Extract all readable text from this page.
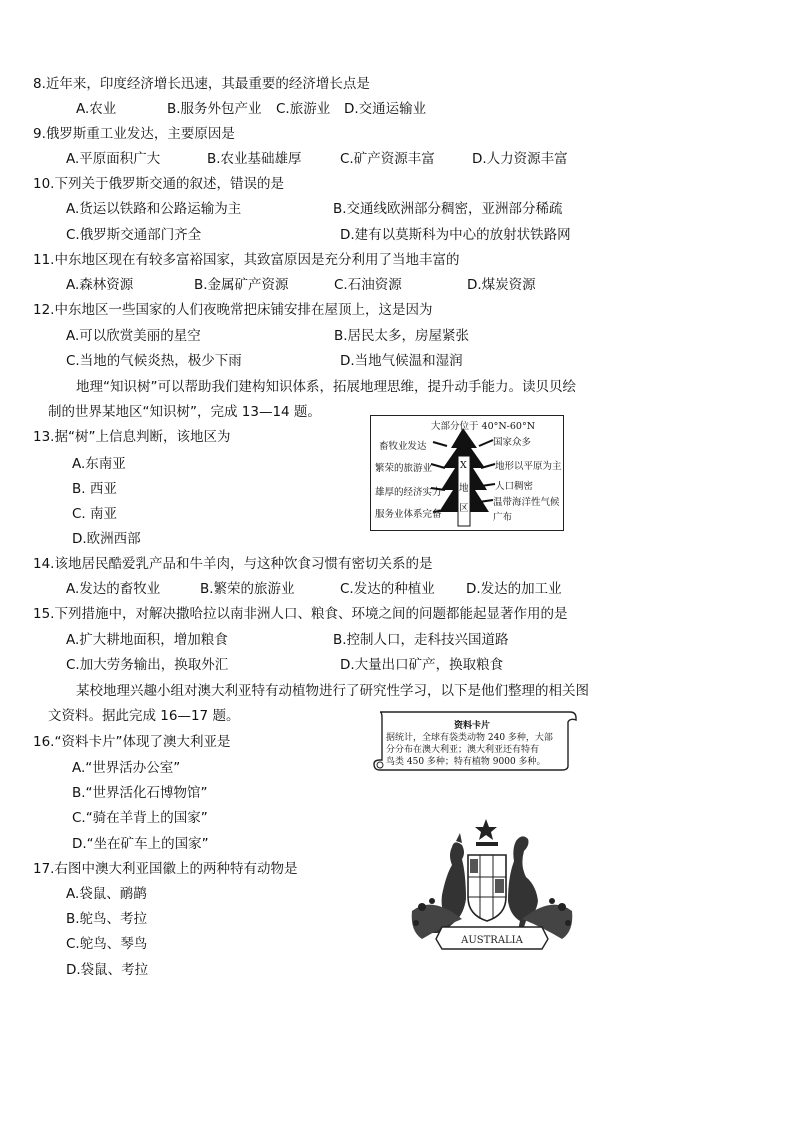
8.近年来，印度经济增长迅速，其最重要的经济增长点是
A.农业	B.服务外包产业 C.旅游业 D.交通运输业
9.俄罗斯重工业发达，主要原因是
A.平原面积广大	B.农业基础雄厚	C.矿产资源丰富	D.人力资源丰富
10.下列关于俄罗斯交通的叙述，错误的是
A.货运以铁路和公路运输为主	B.交通线欧洲部分稠密，亚洲部分稀疏
C.俄罗斯交通部门齐全	D.建有以莫斯科为中心的放射状铁路网
11.中东地区现在有较多富裕国家，其致富原因是充分利用了当地丰富的
A.森林资源	B.金属矿产资源	C.石油资源	D.煤炭资源
12.中东地区一些国家的人们夜晚常把床铺安排在屋顶上，这是因为
A.可以欣赏美丽的星空	B.居民太多，房屋紧张
C.当地的气候炎热，极少下雨	D.当地气候温和湿润
地理“知识树”可以帮助我们建构知识体系，拓展地理思维，提升动手能力。读贝贝绘
制的世界某地区“知识树”，完成 13—14 题。
13.据“树”上信息判断，该地区为
A.东南亚
B. 西亚
C. 南亚
D.欧洲西部
大部分位于 40°N-60°N
畜牧业发达
繁荣的旅游业
雄厚的经济实力
服务业体系完备
国家众多
地形以平原为主
人口稠密
温带海洋性气候
广布
X
地
区
14.该地居民酷爱乳产品和牛羊肉，与这种饮食习惯有密切关系的是
A.发达的畜牧业	B.繁荣的旅游业	C.发达的种植业 D.发达的加工业
15.下列措施中，对解决撒哈拉以南非洲人口、粮食、环境之间的问题都能起显著作用的是
A.扩大耕地面积，增加粮食	B.控制人口，走科技兴国道路
C.加大劳务输出，换取外汇	D.大量出口矿产，换取粮食
某校地理兴趣小组对澳大利亚特有动植物进行了研究性学习，以下是他们整理的相关图
文资料。据此完成 16—17 题。
资料卡片
据统计，全球有袋类动物 240 多种，大部
分分布在澳大利亚；澳大利亚还有特有
鸟类 450 多种；特有植物 9000 多种。
16.“资料卡片”体现了澳大利亚是
A.“世界活办公室”
B.“世界活化石博物馆”
C.“骑在羊背上的国家”
D.“坐在矿车上的国家”
17.右图中澳大利亚国徽上的两种特有动物是
A.袋鼠、鸸鹋
B.鸵鸟、考拉
C.鸵鸟、琴鸟
D.袋鼠、考拉
AUSTRALIA
